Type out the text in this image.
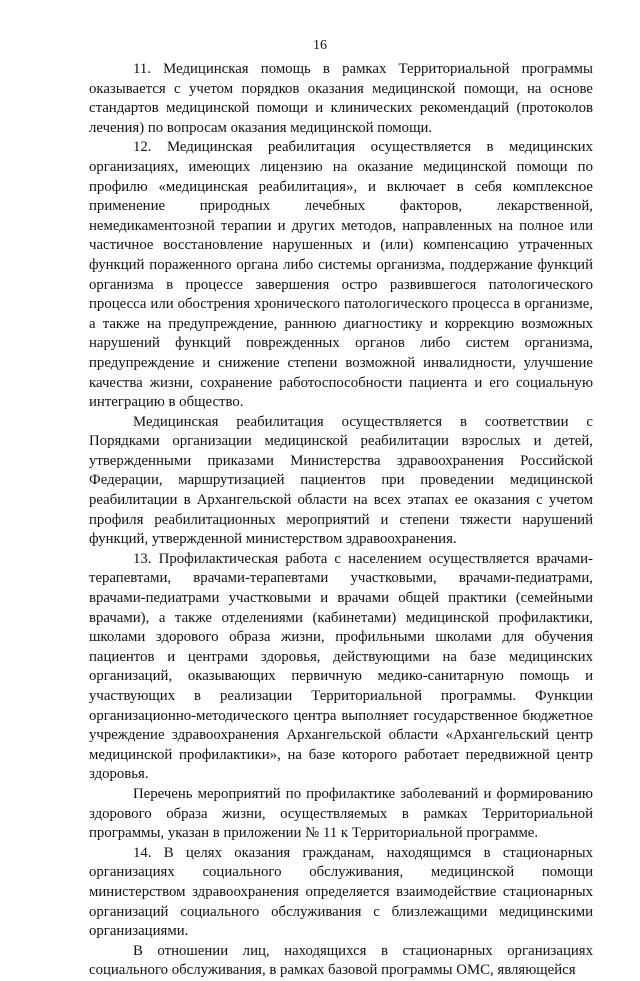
16

11. Медицинская помощь в рамках Территориальной программы оказывается с учетом порядков оказания медицинской помощи, на основе стандартов медицинской помощи и клинических рекомендаций (протоколов лечения) по вопросам оказания медицинской помощи.

12. Медицинская реабилитация осуществляется в медицинских организациях, имеющих лицензию на оказание медицинской помощи по профилю «медицинская реабилитация», и включает в себя комплексное применение природных лечебных факторов, лекарственной, немедикаментозной терапии и других методов, направленных на полное или частичное восстановление нарушенных и (или) компенсацию утраченных функций пораженного органа либо системы организма, поддержание функций организма в процессе завершения остро развившегося патологического процесса или обострения хронического патологического процесса в организме, а также на предупреждение, раннюю диагностику и коррекцию возможных нарушений функций поврежденных органов либо систем организма, предупреждение и снижение степени возможной инвалидности, улучшение качества жизни, сохранение работоспособности пациента и его социальную интеграцию в общество.

Медицинская реабилитация осуществляется в соответствии с Порядками организации медицинской реабилитации взрослых и детей, утвержденными приказами Министерства здравоохранения Российской Федерации, маршрутизацией пациентов при проведении медицинской реабилитации в Архангельской области на всех этапах ее оказания с учетом профиля реабилитационных мероприятий и степени тяжести нарушений функций, утвержденной министерством здравоохранения.

13. Профилактическая работа с населением осуществляется врачами-терапевтами, врачами-терапевтами участковыми, врачами-педиатрами, врачами-педиатрами участковыми и врачами общей практики (семейными врачами), а также отделениями (кабинетами) медицинской профилактики, школами здорового образа жизни, профильными школами для обучения пациентов и центрами здоровья, действующими на базе медицинских организаций, оказывающих первичную медико-санитарную помощь и участвующих в реализации Территориальной программы. Функции организационно-методического центра выполняет государственное бюджетное учреждение здравоохранения Архангельской области «Архангельский центр медицинской профилактики», на базе которого работает передвижной центр здоровья.

Перечень мероприятий по профилактике заболеваний и формированию здорового образа жизни, осуществляемых в рамках Территориальной программы, указан в приложении № 11 к Территориальной программе.

14. В целях оказания гражданам, находящимся в стационарных организациях социального обслуживания, медицинской помощи министерством здравоохранения определяется взаимодействие стационарных организаций социального обслуживания с близлежащими медицинскими организациями.

В отношении лиц, находящихся в стационарных организациях социального обслуживания, в рамках базовой программы ОМС, являющейся
